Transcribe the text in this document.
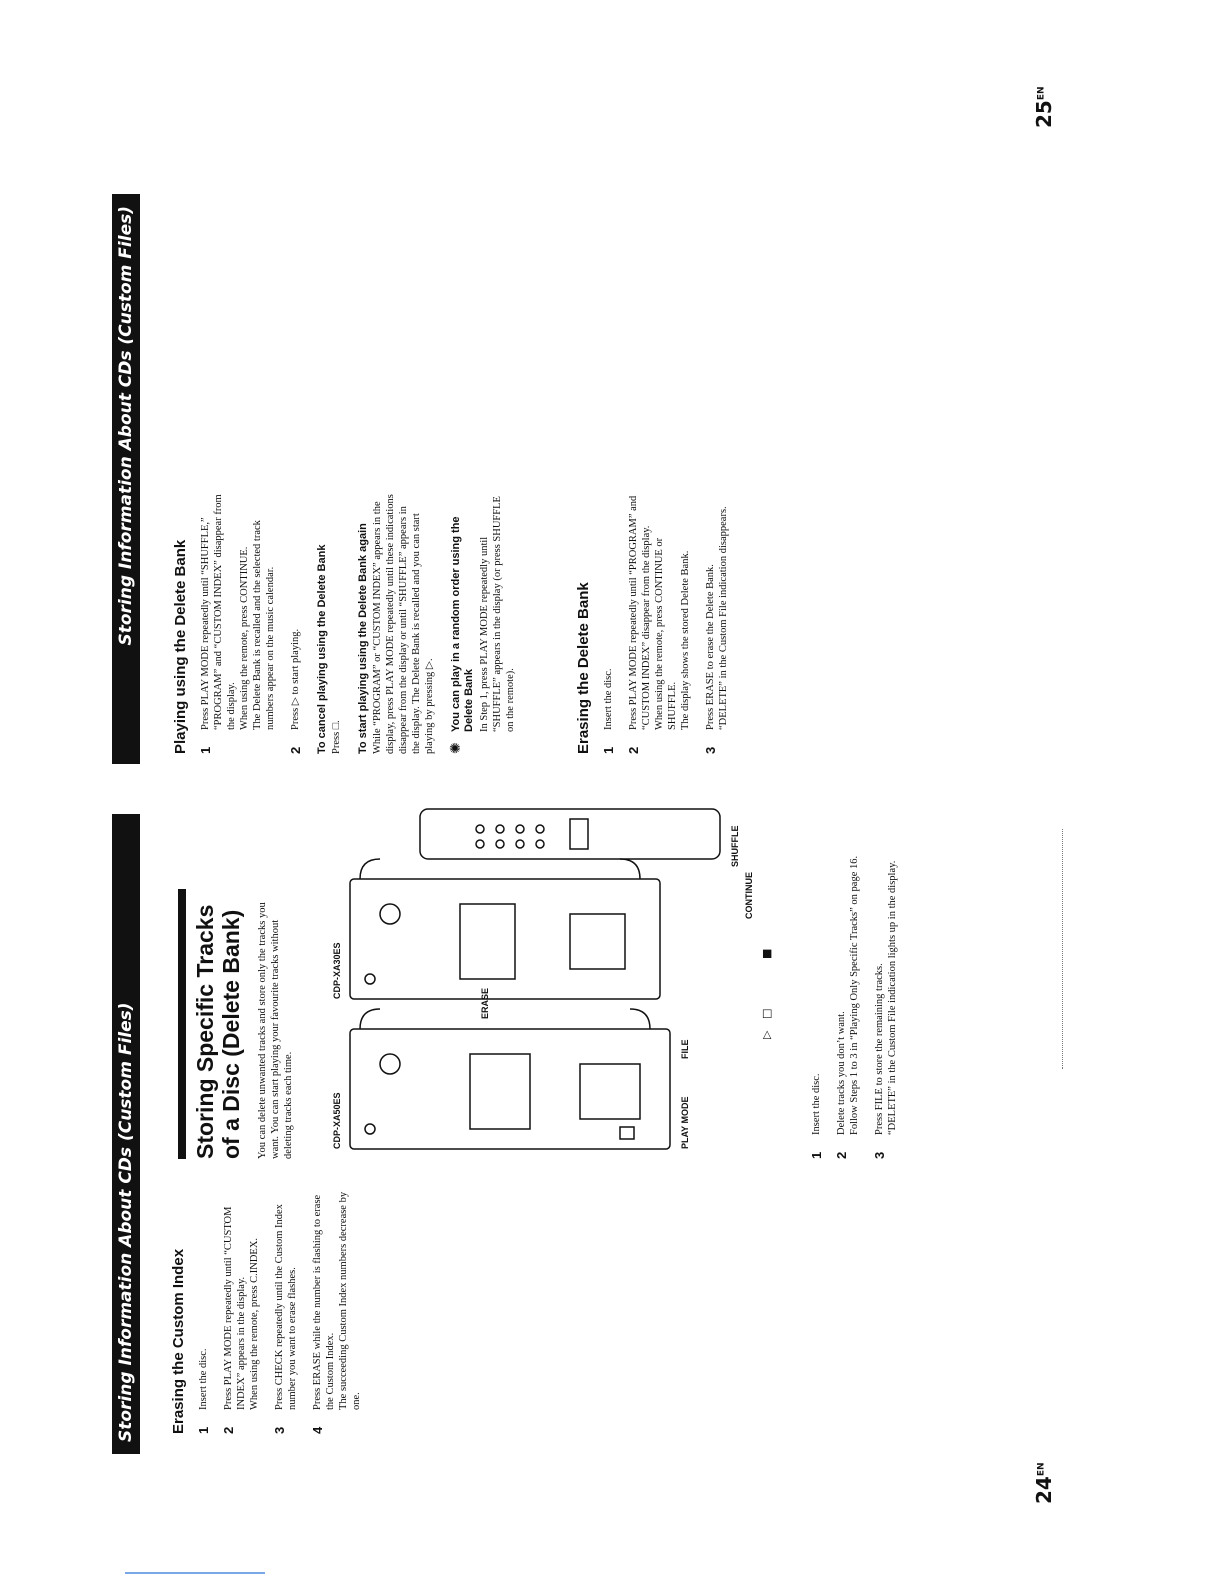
Storing Information About CDs (Custom Files)
Storing Information About CDs (Custom Files)
$24^{EN}$
$25^{EN}$
Erasing the Custom Index 1

Insert the disc.

2

Press PLAY MODE repeatedly until “CUSTOM INDEX” appears in the display. When using the remote, press C.INDEX.

3

Press CHECK repeatedly until the Custom Index number you want to erase flashes.

4

Press ERASE while the number is flashing to erase the Custom Index. The succeeding Custom Index numbers decrease by one.

Storing Specific Tracks of a Disc (Delete Bank) You can delete unwanted tracks and store only the tracks you want. You can start playing your favourite tracks without deleting tracks each time.	CDP-XA50ES
CDP-XA30ES
ERASE
PLAY MODE
FILE
SHUFFLE
CONTINUE
▷
□
■
1

Insert the disc.

2

Delete tracks you don’t want. Follow Steps 1 to 3 in “Playing Only Specific Tracks” on page 16.

3

Press FILE to store the remaining tracks. “DELETE” in the Custom File indication lights up in the display.

Playing using the Delete Bank 1

Press PLAY MODE repeatedly until “SHUFFLE,” “PROGRAM” and “CUSTOM INDEX” disappear from the display. When using the remote, press CONTINUE. The Delete Bank is recalled and the selected track numbers appear on the music calendar.

2

Press ▷ to start playing. To cancel playing using the Delete Bank Press □. To start playing using the Delete Bank again While “PROGRAM” or “CUSTOM INDEX” appears in the display, press PLAY MODE repeatedly until these indications disappear from the display or until “SHUFFLE” appears in the display. The Delete Bank is recalled and you can start playing by pressing ▷. ✺
You can play in a random order using the Delete Bank In Step 1, press PLAY MODE repeatedly until “SHUFFLE” appears in the display (or press SHUFFLE on the remote).	Erasing the Delete Bank 1

Insert the disc.

2

Press PLAY MODE repeatedly until “PROGRAM” and “CUSTOM INDEX” disappear from the display. When using the remote, press CONTINUE or SHUFFLE. The display shows the stored Delete Bank.

3

Press ERASE to erase the Delete Bank. “DELETE” in the Custom File indication disappears.
